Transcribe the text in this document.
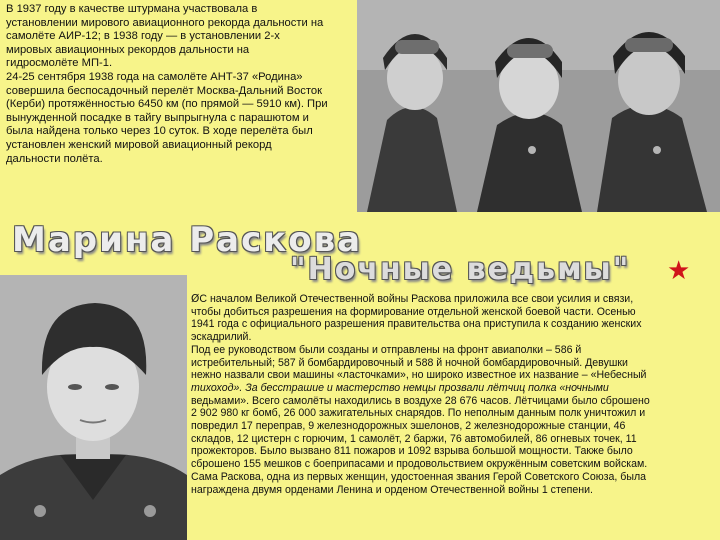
В 1937 году в качестве штурмана участвовала в

установлении мирового авиационного рекорда дальности на

самолёте АИР-12; в 1938 году — в установлении 2-х

мировых авиационных рекордов дальности на

гидросмолёте МП-1.

24-25 сентября 1938 года на самолёте АНТ-37 «Родина»

совершила беспосадочный перелёт Москва-Дальний Восток

(Керби) протяжённостью 6450 км (по прямой — 5910 км). При

вынужденной посадке в тайгу выпрыгнула с парашютом и

была найдена только через 10 суток. В ходе перелёта был

установлен женский мировой авиационный рекорд

дальности полёта.

Марина Раскова
"Ночные ведьмы" ★

ØС началом Великой Отечественной войны Раскова приложила все свои усилия и связи,

чтобы добиться разрешения на формирование отдельной женской боевой части. Осенью

1941 года с официального разрешения правительства она приступила к созданию женских

эскадрилий.

Под ее руководством были созданы и отправлены на фронт авиаполки – 586 й

истребительный; 587 й бомбардировочный и 588 й ночной бомбардировочный. Девушки

нежно назвали свои машины «ласточками», но широко известное их название – «Небесный

тихоход». За бесстрашие и мастерство немцы прозвали лётчиц полка «ночными

ведьмами». Всего самолёты находились в воздухе 28 676 часов. Лётчицами было сброшено

2 902 980 кг бомб, 26 000 зажигательных снарядов. По неполным данным полк уничтожил и

повредил 17 переправ, 9 железнодорожных эшелонов, 2 железнодорожные станции, 46

складов, 12 цистерн с горючим, 1 самолёт, 2 баржи, 76 автомобилей, 86 огневых точек, 11

прожекторов. Было вызвано 811 пожаров и 1092 взрыва большой мощности. Также было

сброшено 155 мешков с боеприпасами и продовольствием окружённым советским войскам.

Сама Раскова, одна из первых женщин, удостоенная звания Герой Советского Союза, была

награждена двумя орденами Ленина и орденом Отечественной войны 1 степени.
